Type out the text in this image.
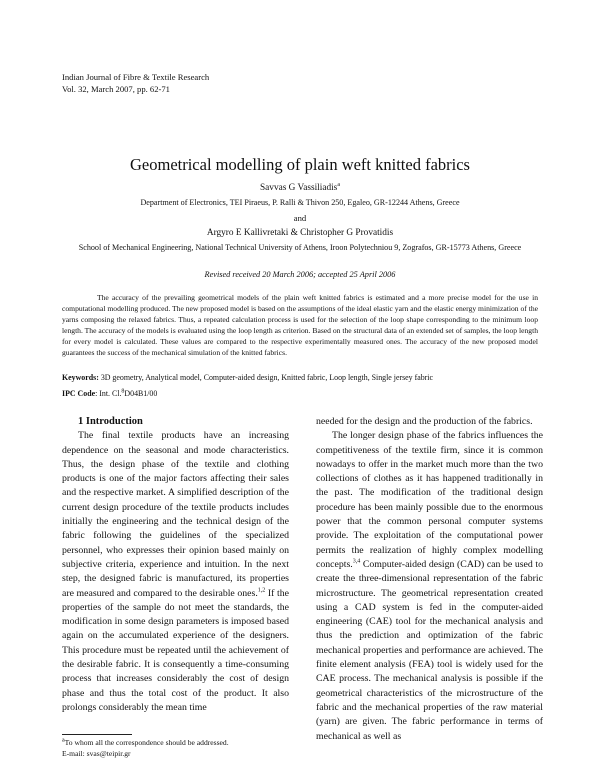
Indian Journal of Fibre & Textile Research
Vol. 32, March 2007, pp. 62-71
Geometrical modelling of plain weft knitted fabrics
Savvas G Vassiliadis$^a$
Department of Electronics, TEI Piraeus, P. Ralli & Thivon 250, Egaleo, GR-12244 Athens, Greece
and
Argyro E Kallivretaki & Christopher G Provatidis
School of Mechanical Engineering, National Technical University of Athens, Iroon Polytechniou 9, Zografos, GR-15773 Athens, Greece
Revised received 20 March 2006; accepted 25 April 2006
The accuracy of the prevailing geometrical models of the plain weft knitted fabrics is estimated and a more precise model for the use in computational modelling produced. The new proposed model is based on the assumptions of the ideal elastic yarn and the elastic energy minimization of the yarns composing the relaxed fabrics. Thus, a repeated calculation process is used for the selection of the loop shape corresponding to the minimum loop length. The accuracy of the models is evaluated using the loop length as criterion. Based on the structural data of an extended set of samples, the loop length for every model is calculated. These values are compared to the respective experimentally measured ones. The accuracy of the new proposed model guarantees the success of the mechanical simulation of the knitted fabrics.
Keywords: 3D geometry, Analytical model, Computer-aided design, Knitted fabric, Loop length, Single jersey fabric
IPC Code: Int. Cl.$^8$D04B1/00

1 Introduction

The final textile products have an increasing dependence on the seasonal and mode characteristics. Thus, the design phase of the textile and clothing products is one of the major factors affecting their sales and the respective market. A simplified description of the current design procedure of the textile products includes initially the engineering and the technical design of the fabric following the guidelines of the specialized personnel, who expresses their opinion based mainly on subjective criteria, experience and intuition. In the next step, the designed fabric is manufactured, its properties are measured and compared to the desirable ones.$^{1,2}$ If the properties of the sample do not meet the standards, the modification in some design parameters is imposed based again on the accumulated experience of the designers. This procedure must be repeated until the achievement of the desirable fabric. It is consequently a time-consuming process that increases considerably the cost of design phase and thus the total cost of the product. It also prolongs considerably the mean time

needed for the design and the production of the fabrics.

The longer design phase of the fabrics influences the competitiveness of the textile firm, since it is common nowadays to offer in the market much more than the two collections of clothes as it has happened traditionally in the past. The modification of the traditional design procedure has been mainly possible due to the enormous power that the common personal computer systems provide. The exploitation of the computational power permits the realization of highly complex modelling concepts.$^{3,4}$ Computer-aided design (CAD) can be used to create the three-dimensional representation of the fabric microstructure. The geometrical representation created using a CAD system is fed in the computer-aided engineering (CAE) tool for the mechanical analysis and thus the prediction and optimization of the fabric mechanical properties and performance are achieved. The finite element analysis (FEA) tool is widely used for the CAE process. The mechanical analysis is possible if the geometrical characteristics of the microstructure of the fabric and the mechanical properties of the raw material (yarn) are given. The fabric performance in terms of mechanical as well as

$^a$To whom all the correspondence should be addressed.
E-mail: svas@teipir.gr
